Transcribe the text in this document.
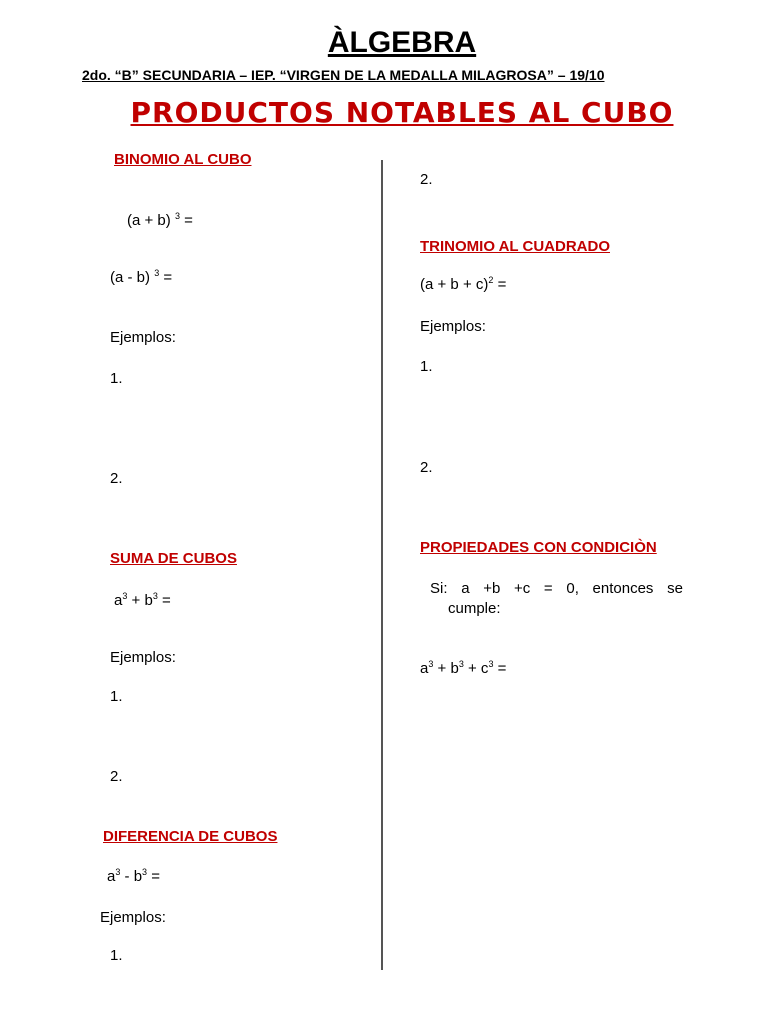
ÀLGEBRA
2do. “B” SECUNDARIA – IEP. “VIRGEN DE LA MEDALLA MILAGROSA” – 19/10
PRODUCTOS NOTABLES AL CUBO
BINOMIO AL CUBO
(a + b) $^3$ =
(a - b) $^3$ =
Ejemplos:
1.
2.
SUMA DE CUBOS
$a^3 + b^3$ =
Ejemplos:
1.
2.
DIFERENCIA DE CUBOS
$a^3 - b^3$ =
Ejemplos:
1.
2.
TRINOMIO AL CUADRADO
$(a + b + c)^2$ =
Ejemplos:
1.
2.
PROPIEDADES CON CONDICIÒN
Si: a +b +c = 0, entonces se
cumple:
$a^3 + b^3 + c^3$ =
